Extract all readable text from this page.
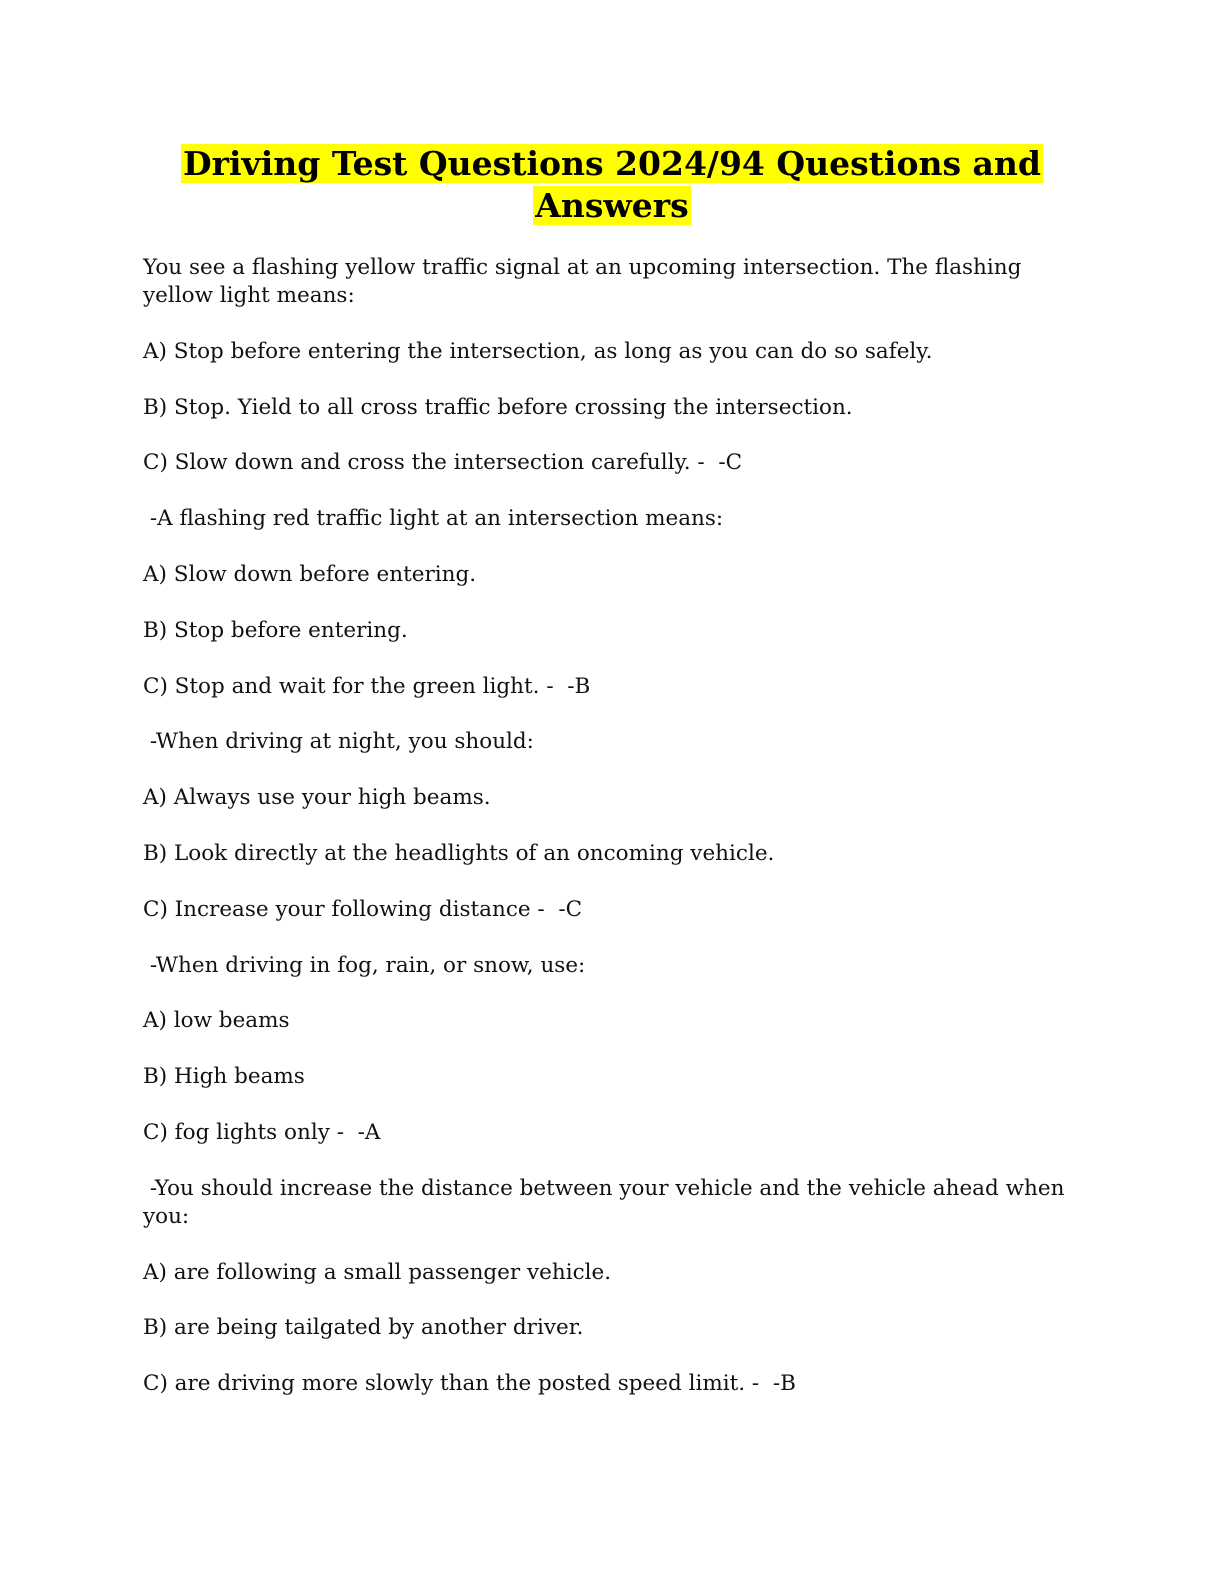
Driving Test Questions 2024/94 Questions and
Answers

You see a flashing yellow traffic signal at an upcoming intersection. The flashing yellow light means:

A) Stop before entering the intersection, as long as you can do so safely.

B) Stop. Yield to all cross traffic before crossing the intersection.

C) Slow down and cross the intersection carefully. -  -C

-A flashing red traffic light at an intersection means:

A) Slow down before entering.

B) Stop before entering.

C) Stop and wait for the green light. -  -B

-When driving at night, you should:

A) Always use your high beams.

B) Look directly at the headlights of an oncoming vehicle.

C) Increase your following distance -  -C

-When driving in fog, rain, or snow, use:

A) low beams

B) High beams

C) fog lights only -  -A

-You should increase the distance between your vehicle and the vehicle ahead when you:

A) are following a small passenger vehicle.

B) are being tailgated by another driver.

C) are driving more slowly than the posted speed limit. -  -B
